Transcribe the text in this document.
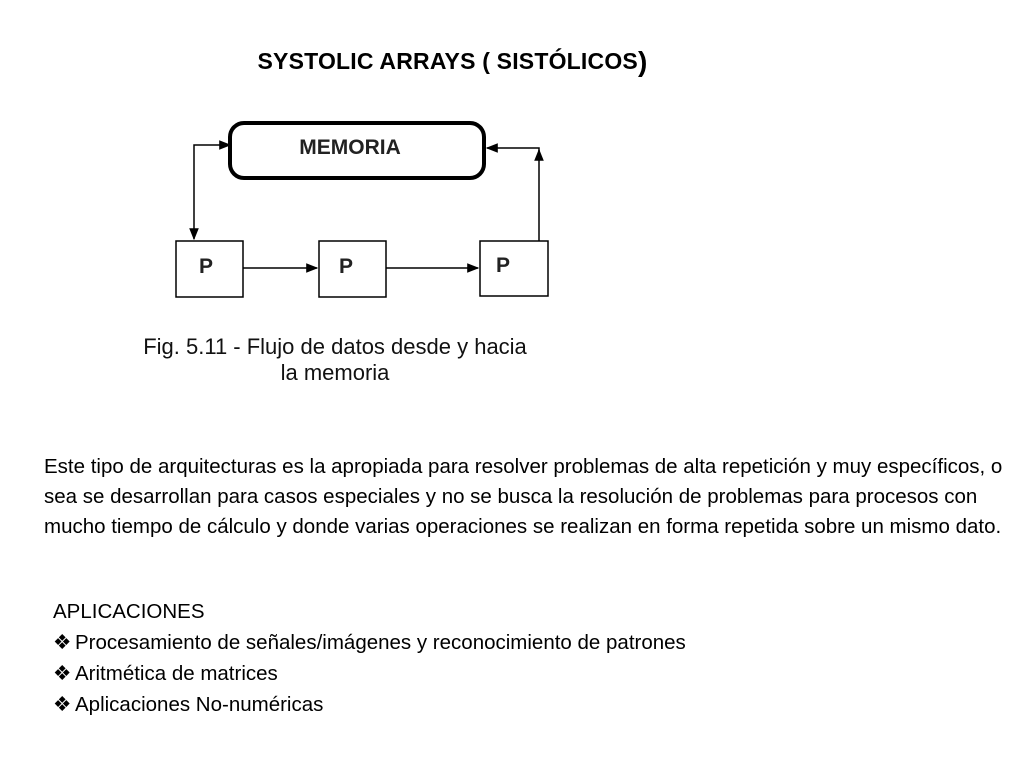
SYSTOLIC ARRAYS ( SISTÓLICOS)
MEMORIA
P	P	P
Fig. 5.11 - Flujo de datos desde y hacia
la memoria
Este tipo de arquitecturas es la apropiada para resolver problemas de alta repetición y muy específicos, o sea se desarrollan para casos especiales y no se busca la resolución de problemas para procesos con mucho tiempo de cálculo y donde varias operaciones se realizan en forma repetida sobre un mismo dato.
APLICACIONES
❖ Procesamiento de señales/imágenes y reconocimiento de patrones
❖ Aritmética de matrices
❖ Aplicaciones No-numéricas
